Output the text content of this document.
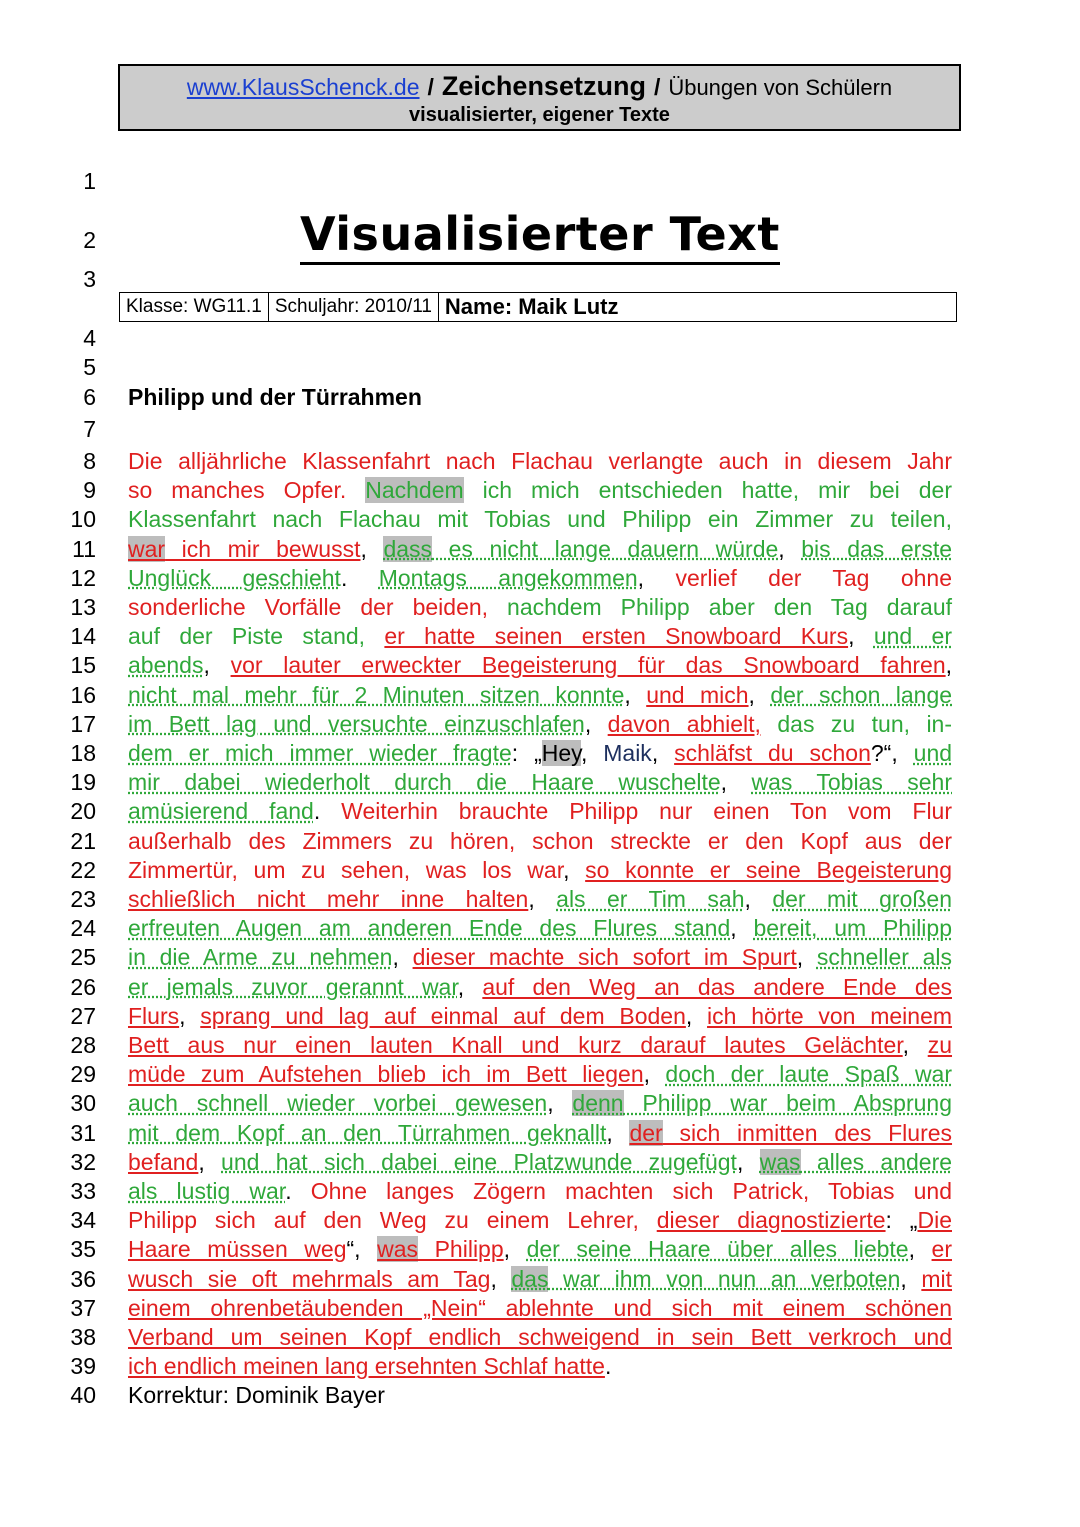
www.KlausSchenck.de / Zeichensetzung / Übungen von Schülern
visualisierter, eigener Texte
1
2
3
4
5
6
7
8
9
10
11
12
13
14
15
16
17
18
19
20
21
22
23
24
25
26
27
28
29
30
31
32
33
34
35
36
37
38
39
40
Visualisierter Text
Klasse: WG11.1 Schuljahr: 2010/11 Name: Maik Lutz
Philipp und der Türrahmen
Die alljährliche Klassenfahrt nach Flachau verlangte auch in diesem Jahr
so manches Opfer. Nachdem ich mich entschieden hatte, mir bei der
Klassenfahrt nach Flachau mit Tobias und Philipp ein Zimmer zu teilen,
war ich mir bewusst, dass es nicht lange dauern würde, bis das erste
Unglück geschieht. Montags angekommen, verlief der Tag ohne
sonderliche Vorfälle der beiden, nachdem Philipp aber den Tag darauf
auf der Piste stand, er hatte seinen ersten Snowboard Kurs, und er
abends, vor lauter erweckter Begeisterung für das Snowboard fahren,
nicht mal mehr für 2 Minuten sitzen konnte, und mich, der schon lange
im Bett lag und versuchte einzuschlafen, davon abhielt, das zu tun, in-
dem er mich immer wieder fragte: „Hey, Maik, schläfst du schon?“, und
mir dabei wiederholt durch die Haare wuschelte, was Tobias sehr
amüsierend fand. Weiterhin brauchte Philipp nur einen Ton vom Flur
außerhalb des Zimmers zu hören, schon streckte er den Kopf aus der
Zimmertür, um zu sehen, was los war, so konnte er seine Begeisterung
schließlich nicht mehr inne halten, als er Tim sah, der mit großen
erfreuten Augen am anderen Ende des Flures stand, bereit, um Philipp
in die Arme zu nehmen, dieser machte sich sofort im Spurt, schneller als
er jemals zuvor gerannt war, auf den Weg an das andere Ende des
Flurs, sprang und lag auf einmal auf dem Boden, ich hörte von meinem
Bett aus nur einen lauten Knall und kurz darauf lautes Gelächter, zu
müde zum Aufstehen blieb ich im Bett liegen, doch der laute Spaß war
auch schnell wieder vorbei gewesen, denn Philipp war beim Absprung
mit dem Kopf an den Türrahmen geknallt, der sich inmitten des Flures
befand, und hat sich dabei eine Platzwunde zugefügt, was alles andere
als lustig war. Ohne langes Zögern machten sich Patrick, Tobias und
Philipp sich auf den Weg zu einem Lehrer, dieser diagnostizierte: „Die
Haare müssen weg“, was Philipp, der seine Haare über alles liebte, er
wusch sie oft mehrmals am Tag, das war ihm von nun an verboten, mit
einem ohrenbetäubenden „Nein“ ablehnte und sich mit einem schönen
Verband um seinen Kopf endlich schweigend in sein Bett verkroch und
ich endlich meinen lang ersehnten Schlaf hatte.
Korrektur: Dominik Bayer
